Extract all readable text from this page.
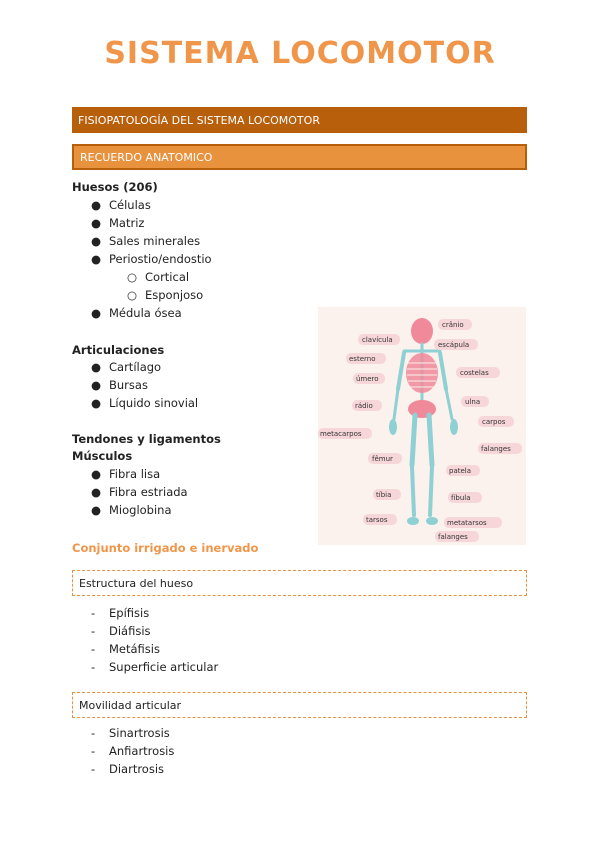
SISTEMA LOCOMOTOR
FISIOPATOLOGÍA DEL SISTEMA LOCOMOTOR
RECUERDO ANATOMICO
Huesos (206)
● Células
● Matriz
● Sales minerales
● Periostio/endostio
○ Cortical
○ Esponjoso
● Médula ósea
Articulaciones
● Cartílago
● Bursas
● Líquido sinovial
Tendones y ligamentos
Músculos
● Fibra lisa
● Fibra estriada
● Mioglobina
Conjunto irrigado e inervado
Estructura del hueso
- Epífisis
- Diáfisis
- Metáfisis
- Superficie articular
Movilidad articular
- Sinartrosis
- Anfiartrosis
- Diartrosis
crânio
clavícula
escápula
esterno
costelas
úmero
ulna
rádio
carpos
metacarpos
falanges
fêmur
patela
tíbia	fíbula
tarsos	metatarsos
falanges
